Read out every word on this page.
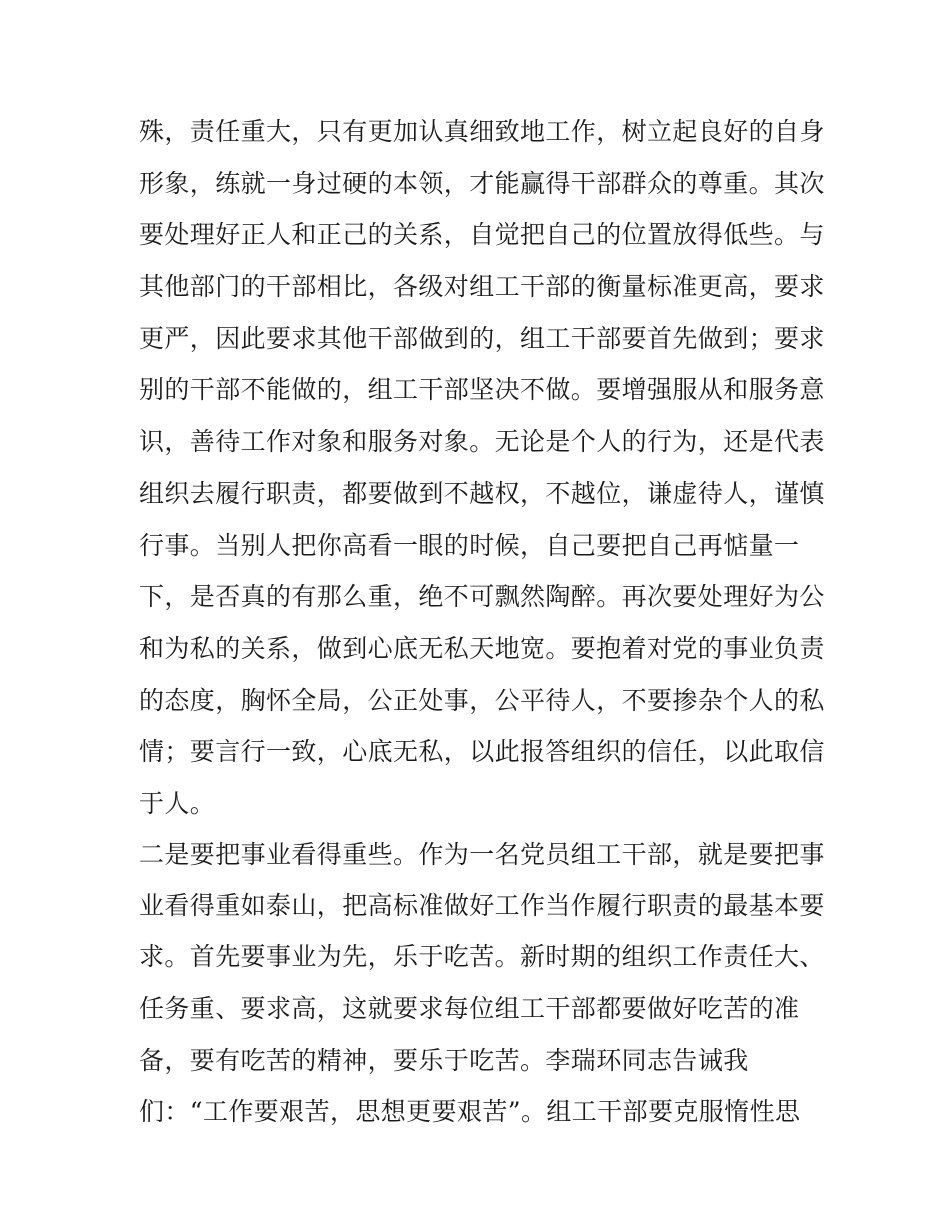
殊，责任重大，只有更加认真细致地工作，树立起良好的自身
形象，练就一身过硬的本领，才能赢得干部群众的尊重。其次
要处理好正人和正己的关系，自觉把自己的位置放得低些。与
其他部门的干部相比，各级对组工干部的衡量标准更高，要求
更严，因此要求其他干部做到的，组工干部要首先做到；要求
别的干部不能做的，组工干部坚决不做。要增强服从和服务意
识，善待工作对象和服务对象。无论是个人的行为，还是代表
组织去履行职责，都要做到不越权，不越位，谦虚待人，谨慎
行事。当别人把你高看一眼的时候，自己要把自己再惦量一
下，是否真的有那么重，绝不可飘然陶醉。再次要处理好为公
和为私的关系，做到心底无私天地宽。要抱着对党的事业负责
的态度，胸怀全局，公正处事，公平待人，不要掺杂个人的私
情；要言行一致，心底无私，以此报答组织的信任，以此取信
于人。
二是要把事业看得重些。作为一名党员组工干部，就是要把事
业看得重如泰山，把高标准做好工作当作履行职责的最基本要
求。首先要事业为先，乐于吃苦。新时期的组织工作责任大、
任务重、要求高，这就要求每位组工干部都要做好吃苦的准
备，要有吃苦的精神，要乐于吃苦。李瑞环同志告诫我
们：“工作要艰苦，思想更要艰苦”。组工干部要克服惰性思
